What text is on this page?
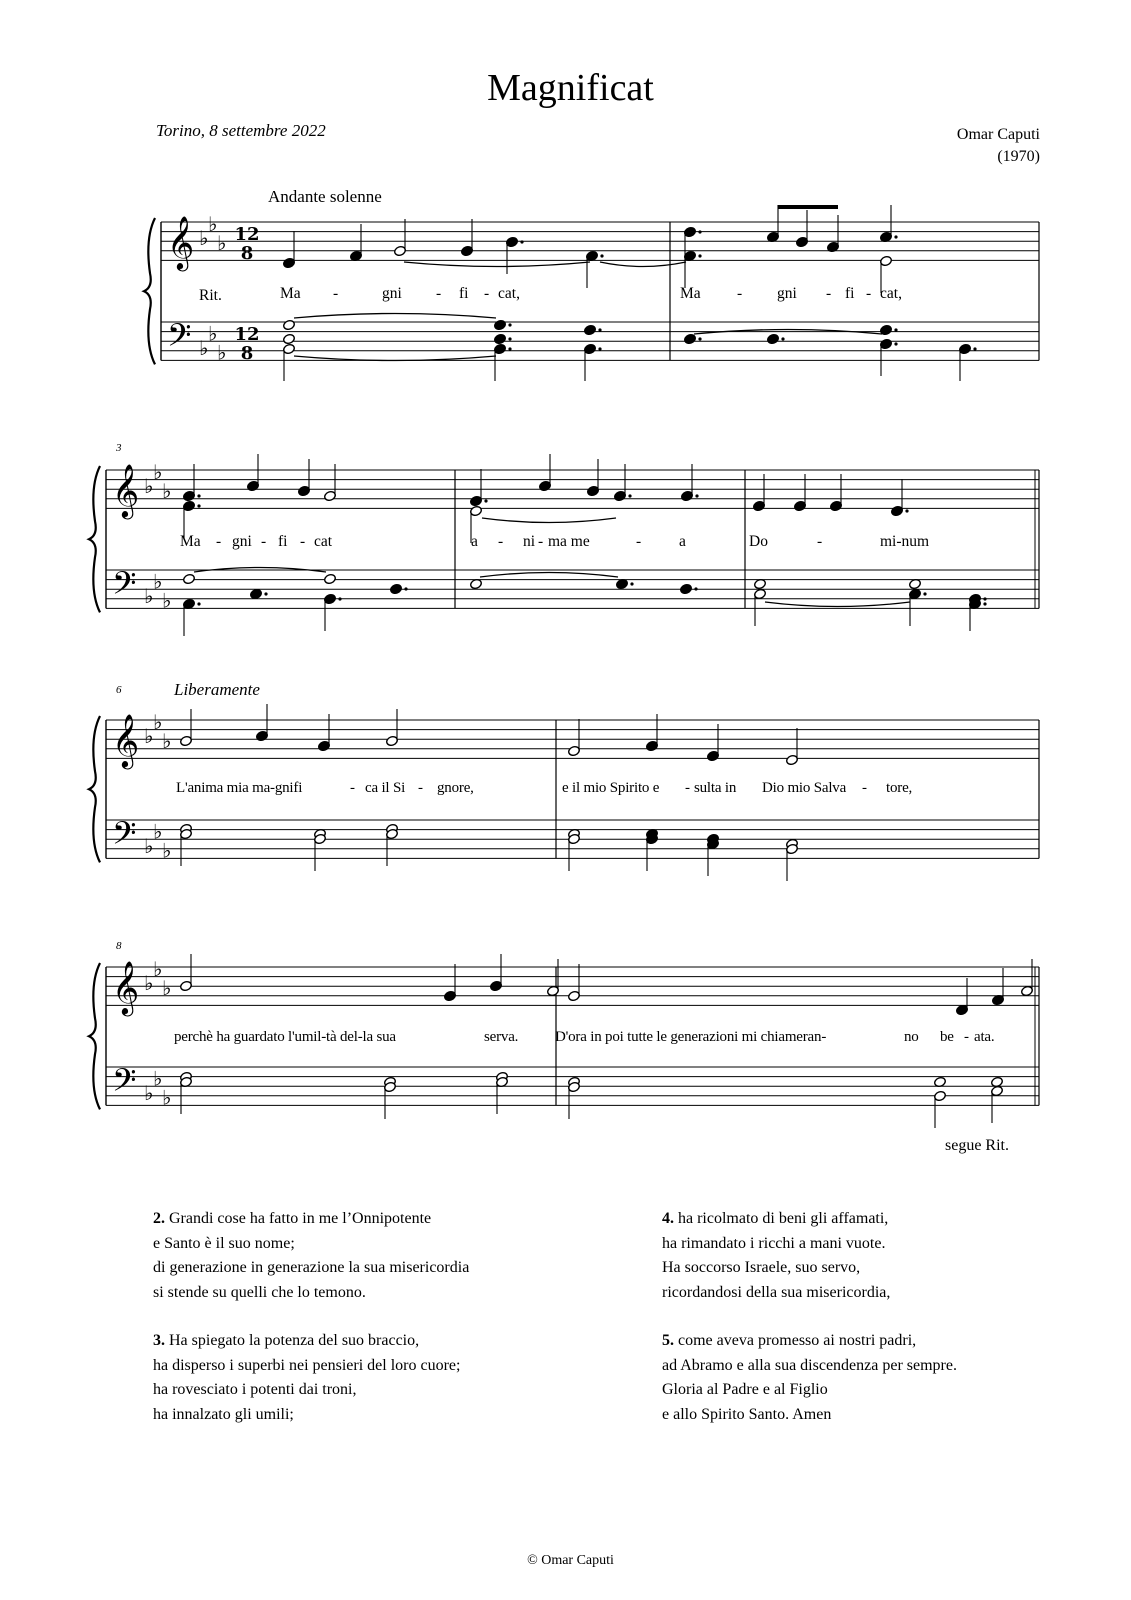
Magnificat
Torino, 8 settembre 2022	Omar Caputi
(1970)
𝄞
𝄢
♭
♭
♭
♭
♭
♭
12
8
12
8
𝄞
𝄢
♭
♭
♭
♭
♭
♭
𝄞
𝄢
♭
♭
♭
♭
♭
♭
𝄞
𝄢
♭
♭
♭
♭
♭
♭
Andante solenne
Rit.	Ma -	gni - fi - cat,	Ma - gni - fi - cat,
3
Ma - gni - fi - cat	a - ni - ma me	- a	Do	-	mi-num
6	Liberamente
L'anima mia ma-gnifi	- ca il Si - gnore,	e il mio Spirito e - sulta in Dio mio Salva - tore,
8
perchè ha guardato l'umil-tà del-la sua	serva. D'ora in poi tutte le generazioni mi chiameran-	no be - ata.
segue Rit.
2. Grandi cose ha fatto in me l’Onnipotente
e Santo è il suo nome;
di generazione in generazione la sua misericordia
si stende su quelli che lo temono.
3. Ha spiegato la potenza del suo braccio,
ha disperso i superbi nei pensieri del loro cuore;
ha rovesciato i potenti dai troni,
ha innalzato gli umili;
4. ha ricolmato di beni gli affamati,
ha rimandato i ricchi a mani vuote.
Ha soccorso Israele, suo servo,
ricordandosi della sua misericordia,
5. come aveva promesso ai nostri padri,
ad Abramo e alla sua discendenza per sempre.
Gloria al Padre e al Figlio
e allo Spirito Santo. Amen
© Omar Caputi
